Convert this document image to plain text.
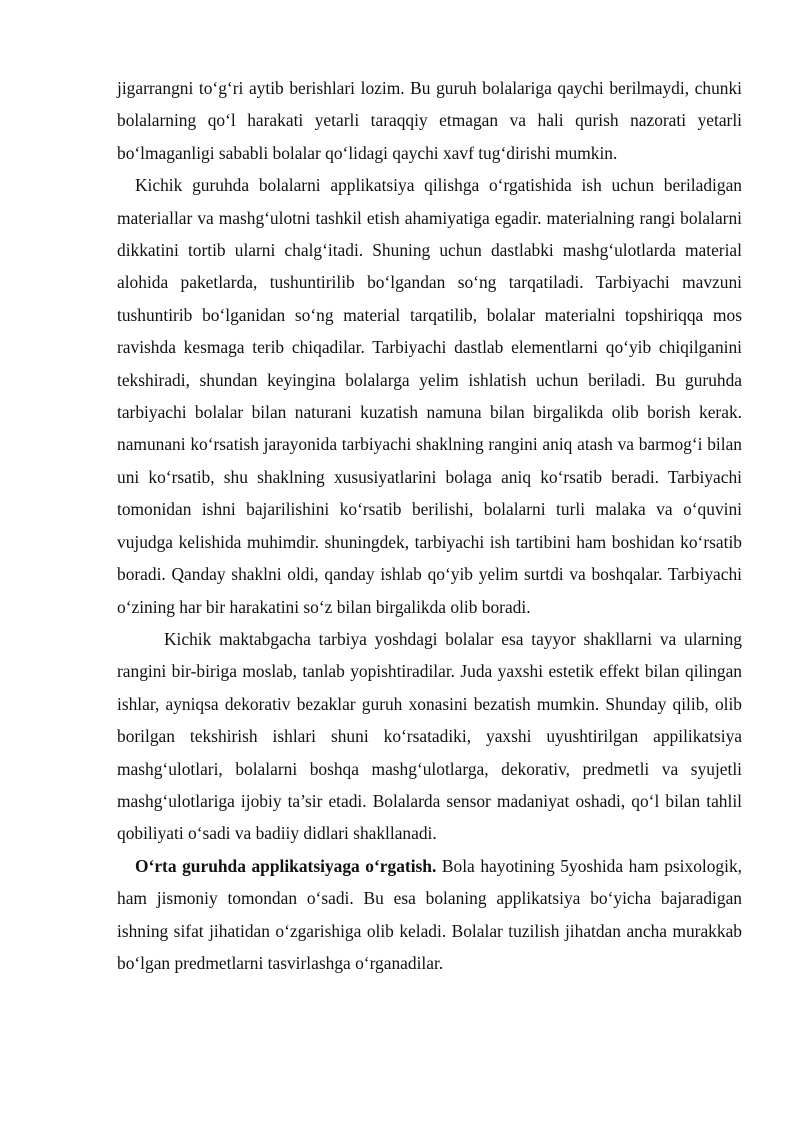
jigarrangni to‘g‘ri aytib berishlari lozim. Bu guruh bolalariga qaychi berilmaydi, chunki bolalarning qo‘l harakati yetarli taraqqiy etmagan va hali qurish nazorati yetarli bo‘lmaganligi sababli bolalar qo‘lidagi qaychi xavf tug‘dirishi mumkin.

Kichik guruhda bolalarni applikatsiya qilishga o‘rgatishida ish uchun beriladigan materiallar va mashg‘ulotni tashkil etish ahamiyatiga egadir. materialning rangi bolalarni dikkatini tortib ularni chalg‘itadi. Shuning uchun dastlabki mashg‘ulotlarda material alohida paketlarda, tushuntirilib bo‘lgandan so‘ng tarqatiladi. Tarbiyachi mavzuni tushuntirib bo‘lganidan so‘ng material tarqatilib, bolalar materialni topshiriqqa mos ravishda kesmaga terib chiqadilar. Tarbiyachi dastlab elementlarni qo‘yib chiqilganini tekshiradi, shundan keyingina bolalarga yelim ishlatish uchun beriladi. Bu guruhda tarbiyachi bolalar bilan naturani kuzatish namuna bilan birgalikda olib borish kerak. namunani ko‘rsatish jarayonida tarbiyachi shaklning rangini aniq atash va barmog‘i bilan uni ko‘rsatib, shu shaklning xususiyatlarini bolaga aniq ko‘rsatib beradi. Tarbiyachi tomonidan ishni bajarilishini ko‘rsatib berilishi, bolalarni turli malaka va o‘quvini vujudga kelishida muhimdir. shuningdek, tarbiyachi ish tartibini ham boshidan ko‘rsatib boradi. Qanday shaklni oldi, qanday ishlab qo‘yib yelim surtdi va boshqalar. Tarbiyachi o‘zining har bir harakatini so‘z bilan birgalikda olib boradi.

Kichik maktabgacha tarbiya yoshdagi bolalar esa tayyor shakllarni va ularning rangini bir-biriga moslab, tanlab yopishtiradilar. Juda yaxshi estetik effekt bilan qilingan ishlar, ayniqsa dekorativ bezaklar guruh xonasini bezatish mumkin. Shunday qilib, olib borilgan tekshirish ishlari shuni ko‘rsatadiki, yaxshi uyushtirilgan appilikatsiya mashg‘ulotlari, bolalarni boshqa mashg‘ulotlarga, dekorativ, predmetli va syujetli mashg‘ulotlariga ijobiy ta’sir etadi. Bolalarda sensor madaniyat oshadi, qo‘l bilan tahlil qobiliyati o‘sadi va badiiy didlari shakllanadi.

O‘rta guruhda applikatsiyaga o‘rgatish. Bola hayotining 5yoshida ham psixologik, ham jismoniy tomondan o‘sadi. Bu esa bolaning applikatsiya bo‘yicha bajaradigan ishning sifat jihatidan o‘zgarishiga olib keladi. Bolalar tuzilish jihatdan ancha murakkab bo‘lgan predmetlarni tasvirlashga o‘rganadilar.
